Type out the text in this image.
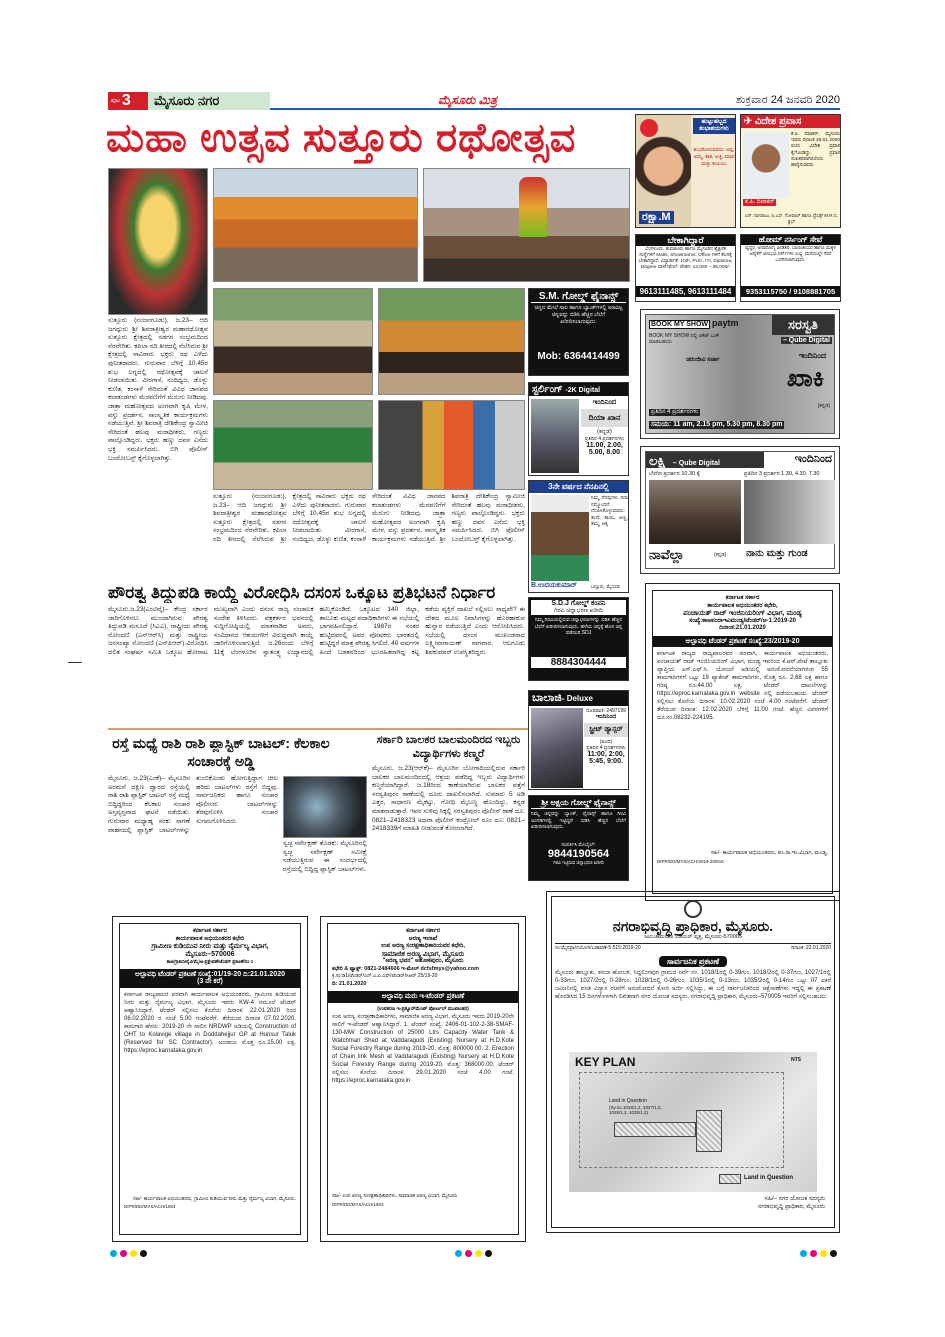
ಪುಟ 3	ಮೈಸೂರು ನಗರ	ಮೈಸೂರು ಮಿತ್ರ	ಶುಕ್ರವಾರ 24 ಜನವರಿ 2020
ಮಹಾ ಉತ್ಸವ ಸುತ್ತೂರು ರಥೋತ್ಸವ
ಸುತ್ತೂರು (ನಂಜನಗೂಡು), ಜ.23– ಆದಿ ಜಗದ್ಗುರು ಶ್ರೀ ಶಿವರಾತ್ರೀಶ್ವರ ಮಹಾರಥೋತ್ಸವ ಸುತ್ತೂರು ಕ್ಷೇತ್ರದಲ್ಲಿ ಸಡಗರ ಸಂಭ್ರಮದಿಂದ ನೆರವೇರಿತು. ಕಪಿಲಾ ನದಿ ತೀರದಲ್ಲಿ ನೆಲೆಸಿರುವ ಶ್ರೀ ಕ್ಷೇತ್ರದಲ್ಲಿ ಸಾವಿರಾರು ಭಕ್ತರು ರಥ ಎಳೆದು ಪುನೀತರಾದರು. ಗುರುವಾರ ಬೆಳಿಗ್ಗೆ 10.45ರ ಶುಭ ಲಗ್ನದಲ್ಲಿ ರಥೋತ್ಸವಕ್ಕೆ ಚಾಲನೆ ನೀಡಲಾಯಿತು. ವೀರಗಾಸೆ, ನಂದಿಧ್ವಜ, ಡೊಳ್ಳು ಕುಣಿತ, ಕಂಸಾಳೆ ಸೇರಿದಂತೆ ವಿವಿಧ ಜಾನಪದ ಕಲಾತಂಡಗಳು ಮೆರವಣಿಗೆಗೆ ಮೆರುಗು ನೀಡಿದವು. ಜಾತ್ರಾ ಮಹೋತ್ಸವದ ಅಂಗವಾಗಿ ಕೃಷಿ ಮೇಳ, ವಸ್ತು ಪ್ರದರ್ಶನ, ಸಾಂಸ್ಕೃತಿಕ ಕಾರ್ಯಕ್ರಮಗಳು ನಡೆಯುತ್ತಿವೆ. ಶ್ರೀ ಶಿವರಾತ್ರಿ ದೇಶಿಕೇಂದ್ರ ಸ್ವಾಮೀಜಿ ಸೇರಿದಂತೆ ಹಲವು ಮಠಾಧೀಶರು, ಗಣ್ಯರು ಪಾಲ್ಗೊಂಡಿದ್ದರು. ಭಕ್ತರು ಹಣ್ಣು ದವನ ಎಸೆದು ಭಕ್ತಿ ಸಮರ್ಪಿಸಿದರು. ಬಿಗಿ ಪೊಲೀಸ್ ಬಂದೋಬಸ್ತ್ ಕೈಗೊಳ್ಳಲಾಗಿತ್ತು.
ಸುತ್ತೂರು (ನಂಜನಗೂಡು), ಜ.23– ಆದಿ ಜಗದ್ಗುರು ಶ್ರೀ ಶಿವರಾತ್ರೀಶ್ವರ ಮಹಾರಥೋತ್ಸವ ಸುತ್ತೂರು ಕ್ಷೇತ್ರದಲ್ಲಿ ಸಡಗರ ಸಂಭ್ರಮದಿಂದ ನೆರವೇರಿತು. ಕಪಿಲಾ ನದಿ ತೀರದಲ್ಲಿ ನೆಲೆಸಿರುವ ಶ್ರೀ ಕ್ಷೇತ್ರದಲ್ಲಿ ಸಾವಿರಾರು ಭಕ್ತರು ರಥ ಎಳೆದು ಪುನೀತರಾದರು. ಗುರುವಾರ ಬೆಳಿಗ್ಗೆ 10.45ರ ಶುಭ ಲಗ್ನದಲ್ಲಿ ರಥೋತ್ಸವಕ್ಕೆ ಚಾಲನೆ ನೀಡಲಾಯಿತು. ವೀರಗಾಸೆ, ನಂದಿಧ್ವಜ, ಡೊಳ್ಳು ಕುಣಿತ, ಕಂಸಾಳೆ ಸೇರಿದಂತೆ ವಿವಿಧ ಜಾನಪದ ಕಲಾತಂಡಗಳು ಮೆರವಣಿಗೆಗೆ ಮೆರುಗು ನೀಡಿದವು. ಜಾತ್ರಾ ಮಹೋತ್ಸವದ ಅಂಗವಾಗಿ ಕೃಷಿ ಮೇಳ, ವಸ್ತು ಪ್ರದರ್ಶನ, ಸಾಂಸ್ಕೃತಿಕ ಕಾರ್ಯಕ್ರಮಗಳು ನಡೆಯುತ್ತಿವೆ. ಶ್ರೀ ಶಿವರಾತ್ರಿ ದೇಶಿಕೇಂದ್ರ ಸ್ವಾಮೀಜಿ ಸೇರಿದಂತೆ ಹಲವು ಮಠಾಧೀಶರು, ಗಣ್ಯರು ಪಾಲ್ಗೊಂಡಿದ್ದರು. ಭಕ್ತರು ಹಣ್ಣು ದವನ ಎಸೆದು ಭಕ್ತಿ ಸಮರ್ಪಿಸಿದರು. ಬಿಗಿ ಪೊಲೀಸ್ ಬಂದೋಬಸ್ತ್ ಕೈಗೊಳ್ಳಲಾಗಿತ್ತು.
ಪೌರತ್ವ ತಿದ್ದುಪಡಿ ಕಾಯ್ದೆ ವಿರೋಧಿಸಿ ದಸಂಸ ಒಕ್ಕೂಟ ಪ್ರತಿಭಟನೆ ನಿರ್ಧಾರ
ಮೈಸೂರು,ಜ.23(ಎಂಟಿವೈ)– ಕೇಂದ್ರ ಸರ್ಕಾರ ಜಾರಿಗೊಳಿಸಲು ಮುಂದಾಗಿರುವ ಪೌರತ್ವ ತಿದ್ದುಪಡಿ ಮಸೂದೆ (ಸಿಎಎ), ರಾಷ್ಟ್ರೀಯ ಪೌರತ್ವ ನೋಂದಣಿ (ಎನ್‌ಆರ್‌ಸಿ) ಮತ್ತು ರಾಷ್ಟ್ರೀಯ ಜನಸಂಖ್ಯಾ ನೋಂದಣಿ (ಎನ್‌ಪಿಆರ್) ವಿರೋಧಿಸಿ ದಲಿತ ಸಂಘರ್ಷ ಸಮಿತಿ ಒಕ್ಕೂಟ ಹೋರಾಟ ಮುಖ್ಯವಾಗಿ ಎಂದು ದಸಂಸ ರಾಜ್ಯ ಸಂಚಾಲಕ ಸಂದೇಶ ತಿಳಿಸಿದರು. ಪತ್ರಕರ್ತರ ಭವನದಲ್ಲಿ ಸುದ್ದಿಗೋಷ್ಠಿಯಲ್ಲಿ ಮಾತನಾಡಿದ ಅವರು, ಸಂವಿಧಾನದ ಆಶಯಗಳಿಗೆ ವಿರುದ್ಧವಾಗಿ ಕಾಯ್ದೆ ಜಾರಿಗೊಳಿಸಲಾಗುತ್ತಿದೆ. ಜ.26ರಂದು ಬೆಳಿಗ್ಗೆ 11ಕ್ಕೆ ಬೆಂಗಳೂರಿನ ಸ್ವಾತಂತ್ರ್ಯ ಉದ್ಯಾನದಲ್ಲಿ ಹಮ್ಮಿಕೊಂಡಿದೆ. ಒಕ್ಕೂಟದ 140 ಜಿಲ್ಲಾ, ತಾಲೂಕು ಮಟ್ಟದ ಪದಾಧಿಕಾರಿಗಳು ಈ ಸಭೆಯಲ್ಲಿ ಭಾಗವಹಿಸಲಿದ್ದಾರೆ. 1987ರ ನಂತರ ಹುಟ್ಟಿದವರಲ್ಲಿ ಅವರ ಪೋಷಕರು ಭಾರತದಲ್ಲಿ ಹುಟ್ಟಿದ್ದರೆ ಮಾತ್ರ ಪೌರತ್ವ ಸಿಗಲಿದೆ. 40 ವರ್ಷಗಳ ಹಿಂದೆ ಬಡತನದಿಂದ ಭೂರಹಿತರಾಗಿದ್ದ ಕಟ್ಟ ಕಡೆಯ ವ್ಯಕ್ತಿಗೆ ದಾಖಲೆ ಸಲ್ಲಿಸಲು ಸಾಧ್ಯವೇ? ಈ ದೇಶದ ಮೂಲ ನಿವಾಸಿಗಳನ್ನು ಹೊರಹಾಕುವ ಹುನ್ನಾರ ನಡೆಯುತ್ತಿದೆ ಎಂದು ಆರೋಪಿಸಿದರು. ಸಭೆಯಲ್ಲಿ ದಸಂಸ ಮುಖಂಡರಾದ ಲಕ್ಷ್ಮೀನಾರಾಯಣ್ ನಾಗವಾರ, ಆಲಗೂಡು ಶಿವಕುಮಾರ್ ಉಪಸ್ಥಿತರಿದ್ದರು.
ರಸ್ತೆ ಮಧ್ಯೆ ರಾಶಿ ರಾಶಿ ಪ್ಲಾಸ್ಟಿಕ್ ಬಾಟಲ್: ಕೆಲಕಾಲ ಸಂಚಾರಕ್ಕೆ ಅಡ್ಡಿ
ಮೈಸೂರು, ಜ.23(ಎಂಕೆ)– ಮೈಸೂರಿನ ಅರಮನೆ ದಕ್ಷಿಣ ದ್ವಾರದ ರಸ್ತೆಯಲ್ಲಿ ರಾಶಿ ರಾಶಿ ಪ್ಲಾಸ್ಟಿಕ್ ಬಾಟಲ್ ರಸ್ತೆ ಮಧ್ಯೆ ಬಿದ್ದಿದ್ದರಿಂದ ಕೆಲಕಾಲ ಸಂಚಾರ ಅಸ್ತವ್ಯಸ್ತವಾದ ಘಟನೆ ನಡೆಯಿತು. ಗುರುವಾರ ಮಧ್ಯಾಹ್ನ ಸರಕು ಸಾಗಣೆ ವಾಹನದಲ್ಲಿ ಪ್ಲಾಸ್ಟಿಕ್ ಬಾಟಲ್‌ಗಳನ್ನು ತುಂಬಿಕೊಂಡು ಹೋಗುತ್ತಿದ್ದಾಗ ಚೀಲ ಹರಿದು ಬಾಟಲ್‌ಗಳು ರಸ್ತೆಗೆ ಬಿದ್ದವು. ಸಾರ್ವಜನಿಕರು ಹಾಗೂ ಸಂಚಾರ ಪೊಲೀಸರು ಬಾಟಲ್‌ಗಳನ್ನು ತೆರವುಗೊಳಿಸಿ ಸಂಚಾರ ಸುಗಮಗೊಳಿಸಿದರು.
ಸ್ವಚ್ಛ ಸರ್ವೇಕ್ಷಣ್ ತೊಡಕು: ಮೈಸೂರಿನಲ್ಲಿ ಸ್ವಚ್ಛ ಸರ್ವೇಕ್ಷಣ್ ಸಮೀಕ್ಷೆ ನಡೆಯುತ್ತಿರುವ ಈ ಸಂದರ್ಭದಲ್ಲಿ ರಸ್ತೆಯಲ್ಲಿ ಬಿದ್ದಿದ್ದ ಪ್ಲಾಸ್ಟಿಕ್ ಬಾಟಲ್‌ಗಳು.
ಸರ್ಕಾರಿ ಬಾಲಕರ ಬಾಲಮಂದಿರದ ಇಬ್ಬರು ವಿದ್ಯಾರ್ಥಿಗಳು ಕಣ್ಮರೆ
ಮೈಸೂರು, ಜ.23(ಆರ್‌ಕೆ)– ಮೈಸೂರಿನ ಬೋಗಾದಿಯಲ್ಲಿರುವ ಸರ್ಕಾರಿ ಬಾಲಕರ ಬಾಲಮಂದಿರದಲ್ಲಿ ಆಶ್ರಯ ಪಡೆದಿದ್ದ ಇಬ್ಬರು ವಿದ್ಯಾರ್ಥಿಗಳು ಕಣ್ಮರೆಯಾಗಿದ್ದಾರೆ. ಜ.18ರಿಂದ ಕಾಣೆಯಾಗಿರುವ ಬಾಲಕರ ಪತ್ತೆಗೆ ಸರಸ್ವತಿಪುರಂ ಠಾಣೆಯಲ್ಲಿ ದೂರು ದಾಖಲಿಸಲಾಗಿದೆ. ಸುಮಾರು 5 ಅಡಿ ಎತ್ತರ, ಸಾಧಾರಣ ಮೈಕಟ್ಟು, ಗೋಧಿ ಮೈಬಣ್ಣ ಹೊಂದಿದ್ದು, ಕನ್ನಡ ಮಾತನಾಡುತ್ತಾರೆ. ಇವರ ಸುಳಿವು ಸಿಕ್ಕಲ್ಲಿ ಸರಸ್ವತಿಪುರಂ ಪೊಲೀಸ್ ಠಾಣೆ ದೂ: 0821–2418323 ಅಥವಾ ಪೊಲೀಸ್ ಕಂಟ್ರೋಲ್ ರೂಂ ದೂ: 0821–2418339ಗೆ ಮಾಹಿತಿ ನೀಡುವಂತೆ ಕೋರಲಾಗಿದೆ.
S.M. ಗೋಲ್ಡ್ ಫೈನಾನ್ಸ್
ಚಿನ್ನದ ಮೇಲೆ ಸಾಲ ಹಾಗೂ ಬ್ಯಾಂಕ್‌ಗಳಲ್ಲಿ ಅಡವಿಟ್ಟ ಚಿನ್ನವನ್ನು ಬಿಡಿಸಿ ಹೆಚ್ಚಿನ ಬೆಲೆಗೆ ಖರೀದಿಸಲಾಗುವುದು.
Mob: 6364414499
ಸ್ಟರ್ಲಿಂಗ್ -2K Digital
ಇಂದಿನಿಂದ
ದಿಯಾ ಖಾನ
(ಕನ್ನಡ)
ಪ್ರತಿದಿನ 4 ಪ್ರದರ್ಶನಗಳು
11.00, 2.00, 5.00, 8.00
3ನೇ ವರ್ಷದ ನೆನಪಿನಲ್ಲಿ
ನಿಮ್ಮ ನೆನಪುಗಳು ಸದಾ ನಮ್ಮೊಂದಿಗೆ. ನೆನಪಿಸಿಕೊಳ್ಳುವವರು: ತಂದೆ, ತಾಯಿ, ಅಣ್ಣ, ತಮ್ಮ, ಅಕ್ಕ
B.ಉದಯಕುಮಾರ್	ಬನ್ನೂರು, ಮೈಸೂರು
S.D.J ಗೋಲ್ಡ್ ಕಂಪನಿ
ಗಿರವಿ ಚಿನ್ನಾಭರಣ ಖರೀದಿ
ನಿಮ್ಮ ಗಿರವಿಯಲ್ಲಿರುವ ಚಿನ್ನಾಭರಣಗಳನ್ನು ಬಿಡಿಸಿ ಹೆಚ್ಚಿನ ಬೆಲೆಗೆ ಖರೀದಿಸಲಾಗುವುದು. ಹಳೆಯ ಚಿನ್ನಕ್ಕೆ ಹೊಸ ಚಿನ್ನ ಪಡೆಯಿರಿ SDJ
8884304444
ಬಾಲಾಜಿ- Deluxe
ದೂರವಾಣಿ: 2497199
ಇಂದಿನಿಂದ
ಸ್ಟ್ರೀಟ್ ಡ್ಯಾನ್ಸರ್
(ಹಿಂದಿ)
ಪ್ರತಿದಿನ 4 ಪ್ರದರ್ಶನಗಳು
11:00, 2:00, 5:45, 9:00.
ಶ್ರೀ ಅಕ್ಷಯ ಗೋಲ್ಡ್ ಫೈನಾನ್ಸ್
ನಿಮ್ಮ ಚಿನ್ನವನ್ನು ಬ್ಯಾಂಕ್, ಫೈನಾನ್ಸ್ ಹಾಗೂ ಗಿರವಿ ಅಂಗಡಿಗಳಲ್ಲಿ ಇಟ್ಟಿದ್ದರೆ ಬಿಡಿಸಿ ಹೆಚ್ಚಿನ ಬೆಲೆಗೆ ಖರೀದಿಸಲಾಗುವುದು.
ಸಂಪರ್ಕಿಸಿ ಮೊಬೈಲ್:
9844190564
ಗಿರವಿ ಇಟ್ಟಿರುವ ಚಿನ್ನಾಭರಣ ಖರೀದಿ
ಹುಟ್ಟುಹಬ್ಬದ ಶುಭಾಶಯಗಳು
ಶುಭಕೋರುವವರು: ಅಪ್ಪ, ಅಮ್ಮ, ತಾತ, ಅಜ್ಜಿ, ಮಾವ ಮತ್ತು ಕುಟುಂಬ
ರಕ್ಷಾ.M
✈ ವಿದೇಶ ಪ್ರವಾಸ
ಕೆ.ಪಿ. ದಿವಾಕರ್, ಮೈಸೂರು ಇವರು ದಿನಾಂಕ 25.01.2020 ರಂದು ವಿದೇಶ ಪ್ರವಾಸ ಕೈಗೊಂಡಿದ್ದು ಪ್ರವಾಸ ಸುಖಕರವಾಗಿರಲೆಂದು ಹಾರೈಸುವವರು
ಕೆ.ಪಿ. ದಿವಾಕರ್
ಎನ್. ನಾಗರಾಜು, ಪಿ.ಎಸ್. ಗೋಪಾಲ್ ಹಾಗೂ ಫ್ರೆಂಡ್ಸ್ M.R.C. ಕ್ಲಬ್
ಬೇಕಾಗಿದ್ದಾರೆ
ಬೆಂಗಳೂರು, ತುಮಕೂರು ಹಾಗೂ ಮೈಸೂರಿನ ಶೈಕ್ಷಣಿಕ ಸಂಸ್ಥೆಗಳಿಗೆ Malls, Showrooms, Office ಗಳಿಗೆ ಕೆಲಸಕ್ಕೆ ಬೇಕಾಗಿದ್ದಾರೆ. ವಿದ್ಯಾರ್ಹತೆ: 10th, PUC, ITI, Diploma, Degree ಪಾಸ್/ಫೇಲ್. ವೇತನ: 13,000 – 35,000/-
9613111485, 9613111484
ಹೋಮ್ ನರ್ಸಿಂಗ್ ಸೇವೆ
ವೃದ್ಧರ, ಅನಾರೋಗ್ಯ ಪೀಡಿತರ, ಬಾಣಂತಿಯರ ಹಾಗೂ ಮಕ್ಕಳ ಆರೈಕೆಗೆ ಅನುಭವಿ ನರ್ಸ್‌ಗಳು ಲಭ್ಯ. ಮನೆಯಲ್ಲೇ ಸೇವೆ ಒದಗಿಸಲಾಗುವುದು.
9353115750 / 9108881705
BOOK MY SHOW paytm
BOOK MY SHOW ನಲ್ಲಿ ಟಿಕೆಟ್ ಬುಕ್ ಮಾಡಬಹುದು
ಚಿರಂಜೀವಿ ಸರ್ಜಾ
ಸರಸ್ವತಿ
– Qube Digital
ಇಂದಿನಿಂದ
ಖಾಕಿ
(ಕನ್ನಡ)
ಪ್ರತಿದಿನ 4 ಪ್ರದರ್ಶನಗಳು
ಸಮಯ: 11 am, 2.15 pm, 5.30 pm, 8.30 pm
ಲಕ್ಷ್ಮಿ – Qube Digital	ಇಂದಿನಿಂದ
ಬೆಳಗಿನ ಪ್ರದರ್ಶನ 10.30 ಕ್ಕೆ	ಪ್ರತಿದಿನ 3 ಪ್ರದರ್ಶನ 1.30, 4.30, 7.30
ನಾವೆಲ್ಲಾ	(ಕನ್ನಡ) ನಾನು ಮತ್ತು ಗುಂಡ
ಕರ್ನಾಟಕ ಸರ್ಕಾರ
ಕಾರ್ಯಪಾಲಕ ಅಭಿಯಂತರರ ಕಛೇರಿ,
ಪಂಚಾಯತ್ ರಾಜ್ ಇಂಜಿನಿಯರಿಂಗ್ ವಿಭಾಗ, ಮಂಡ್ಯ
ಸಂಖ್ಯೆ:ಕಾಅಪಂರಾಇವಿಮಂಡ್ಯ/ಟೆಂಡರ್/ಅ-1:2019-20
ದಿನಾಂಕ:21.01.2020
ಅಲ್ಪಾವಧಿ ಟೆಂಡರ್ ಪ್ರಕಟಣೆ ಸಂಖ್ಯೆ:23/2019-20
ಕರ್ನಾಟಕ ರಾಜ್ಯದ ರಾಜ್ಯಪಾಲರವರ ಪರವಾಗಿ, ಕಾರ್ಯಪಾಲಕ ಅಭಿಯಂತರರು, ಪಂಚಾಯತ್ ರಾಜ್ ಇಂಜಿನಿಯರಿಂಗ್ ವಿಭಾಗ, ಮಂಡ್ಯ ಇವರಿಂದ ಕೆ.ಆರ್.ಪೇಟೆ ತಾಲ್ಲೂಕು ವ್ಯಾಪ್ತಿಯ ಎಸ್.ಎಫ್.ಸಿ. ಯೋಜನೆ ಅಡಿಯಲ್ಲಿ ಅನುಮೋದನೆಯಾಗಿರುವ 55 ಕಾಮಗಾರಿಗಳಿಗೆ ಒಟ್ಟು 19 ಪ್ಯಾಕೇಜ್ ಕಾಮಗಾರಿಗಳು, ಮೊತ್ತ ರೂ. 2.68 ಲಕ್ಷ ಹಾಗೂ ಗರಿಷ್ಠ ರೂ.44.00 ಲಕ್ಷ. ಟೆಂಡರ್ ದಾಖಲೆಗಳನ್ನು https://eproc.karnataka.gov.in website ನಲ್ಲಿ ಪಡೆಯಬಹುದು. ಟೆಂಡರ್ ಸಲ್ಲಿಸಲು ಕೊನೆಯ ದಿನಾಂಕ: 10.02.2020 ಸಂಜೆ 4.00 ಗಂಟೆವರೆಗೆ. ಟೆಂಡರ್ ತೆರೆಯುವ ದಿನಾಂಕ: 12.02.2020 ಬೆಳಿಗ್ಗೆ 11.00 ಗಂಟೆ. ಹೆಚ್ಚಿನ ವಿವರಗಳಿಗೆ ದೂ.ಸಂ.08232-224195.
ಸಹಿ/- ಕಾರ್ಯಪಾಲಕ ಅಭಿಯಂತರರು, ಪಂ.ರಾ.ಇಂ.ವಿಭಾಗ, ಮಂಡ್ಯ.
DIPR/DD/MYS/ACH/2019-20/815
ಕರ್ನಾಟಕ ಸರ್ಕಾರ
ಕಾರ್ಯಪಾಲಕ ಅಭಿಯಂತರರ ಕಛೇರಿ
ಗ್ರಾಮೀಣ ಕುಡಿಯುವ ನೀರು ಮತ್ತು ನೈರ್ಮಲ್ಯ ವಿಭಾಗ,
ಮೈಸೂರು–570006
ಕಾಅ/ಗ್ರಾಕುನೀನೈವಿ/ಮೈ/ಅ-ಪ್ರಕ್ಷೇಪಣೆ/ಟೆಂಡರ್ ಪ್ರಕಟಣೆ/ಸಂ-1
ಅಲ್ಪಾವಧಿ ಟೆಂಡರ್ ಪ್ರಕಟಣೆ ಸಂಖ್ಯೆ:01/19-20 ದಿ:21.01.2020
(3 ನೇ ಕರೆ)
ಕರ್ನಾಟಕ ರಾಜ್ಯಪಾಲರ ಪರವಾಗಿ ಕಾರ್ಯಪಾಲಕ ಅಭಿಯಂತರರು, ಗ್ರಾಮೀಣ ಕುಡಿಯುವ ನೀರು ಮತ್ತು ನೈರ್ಮಲ್ಯ ವಿಭಾಗ, ಮೈಸೂರು ಇವರು KW-4 ನಮೂನೆ ಟೆಂಡರ್ ಆಹ್ವಾನಿಸಿದ್ದಾರೆ. ಟೆಂಡರ್ ಸಲ್ಲಿಸಲು ಕೊನೆಯ ದಿನಾಂಕ: 22.01.2020 ರಿಂದ 06.02.2020 ರ ಸಂಜೆ 5.00 ಗಂಟೆವರೆಗೆ. ತೆರೆಯುವ ದಿನಾಂಕ 07.02.2020. ಕಾಮಗಾರಿ ಹೆಸರು: 2019-20 ನೇ ಸಾಲಿನ NRDWP ಅಡಿಯಲ್ಲಿ Construction of OHT to Kolavige village in Doddahejjur GP at Hunsur Taluk (Reserved for SC Contractor). ಅಂದಾಜು ಮೊತ್ತ ರೂ.15.00 ಲಕ್ಷ. https://eproc.karnataka.gov.in
ಸಹಿ/- ಕಾರ್ಯಪಾಲಕ ಅಭಿಯಂತರರು, ಗ್ರಾಮೀಣ ಕುಡಿಯುವ ನೀರು ಮತ್ತು ನೈರ್ಮಲ್ಯ ವಿಭಾಗ, ಮೈಸೂರು.
DIPR/DD/MYS/ACH/1604
ಕರ್ನಾಟಕ ಸರ್ಕಾರ
ಅರಣ್ಯ ಇಲಾಖೆ
ಉಪ ಅರಣ್ಯ ಸಂರಕ್ಷಣಾಧಿಕಾರಿಯವರ ಕಛೇರಿ,
ಸಾಮಾಜಿಕ ಅರಣ್ಯ ವಿಭಾಗ, ಮೈಸೂರು
"ಅರಣ್ಯ ಭವನ" ಅಶೋಕಪುರಂ, ಮೈಸೂರು
ಕಛೇರಿ & ಫ್ಯಾಕ್ಸ್: 0821-2484606 ಇ-ಮೇಲ್ dcfsfmys@yahoo.com
ಕ್ರ.ಸಂ:ಡಿ1/ಟೆಂಡರ್/ಎನ್.ಎ.ಪಿ.ಎಫ್/ಟೆಂಡರ್/ಸಿಆರ್ 25/19-20
ದಿ: 21.01.2020
ಅಲ್ಪಾವಧಿ ಮರು ಇ-ಟೆಂಡರ್ ಪ್ರಕಟಣೆ
(ಉಪಕರಣ ಇ-ಪ್ರಕ್ಯೂರ್‌ಮೆಂಟ್ ಪೋರ್ಟಲ್ ಮುಖಾಂತರ)
ಉಪ ಅರಣ್ಯ ಸಂರಕ್ಷಣಾಧಿಕಾರಿಗಳು, ಸಾಮಾಜಿಕ ಅರಣ್ಯ ವಿಭಾಗ, ಮೈಸೂರು ಇವರು 2019-20ನೇ ಸಾಲಿಗೆ ಇ-ಟೆಂಡರ್ ಆಹ್ವಾನಿಸಿದ್ದಾರೆ. 1. ಟೆಂಡರ್ ಸಂಖ್ಯೆ: 2406-01-102-2-38-SMAF-130-MW Construction of 25000 Ltrs Capacity Water Tank & Watchman Shed at Vaddaragudi (Existing) Nursery at H.D.Kote Social Forestry Range during 2019-20. ಮೊತ್ತ: 800000.00. 2. Erection of Chain link Mesh at Vaddaragudi (Existing) Nursery at H.D.Kote Social Forestry Range during 2019-20. ಮೊತ್ತ: 368000.00. ಟೆಂಡರ್ ಸಲ್ಲಿಸಲು ಕೊನೆಯ ದಿನಾಂಕ: 29.01.2020 ಸಂಜೆ 4.00 ಗಂಟೆ. https://eproc.karnataka.gov.in
ಸಹಿ/- ಉಪ ಅರಣ್ಯ ಸಂರಕ್ಷಣಾಧಿಕಾರಿಗಳು, ಸಾಮಾಜಿಕ ಅರಣ್ಯ ವಿಭಾಗ, ಮೈಸೂರು
DIPR/DD/MYS/ACH/1603
ನಗರಾಭಿವೃದ್ಧಿ ಪ್ರಾಧಿಕಾರ, ಮೈಸೂರು.
ಜಯಚಾಮರಾಜ ಒಡೆಯರ್ ವೃತ್ತ, ಮೈಸೂರು-570005
ಸಂ:ಮೈನಪ್ರಾ/ನಯೋಸ/ಬಡಾವಣೆ-5:515:2019-20	ದಿನಾಂಕ: 22.01.2020
ಸಾರ್ವಜನಿಕ ಪ್ರಕಟಣೆ
ಮೈಸೂರು ತಾಲ್ಲೂಕು, ಕಸಬಾ ಹೋಬಳಿ, ಸಿದ್ದಲಿಂಗಪುರ ಗ್ರಾಮದ ಸರ್ವೆ ನಂ. 1018/1ರಲ್ಲಿ 0-39ಗುಂ, 1018/2ರಲ್ಲಿ 0-37ಗುಂ, 1027/1ರಲ್ಲಿ 0-33ಗುಂ, 1027/2ರಲ್ಲಿ 0-28ಗುಂ, 1028/1ರಲ್ಲಿ 0-26ಗುಂ, 1035/1ರಲ್ಲಿ 0-13ಗುಂ, 1035/2ರಲ್ಲಿ 0-14ಗುಂ ಒಟ್ಟು 07 ಎಕರೆ ಜಮೀನಿನಲ್ಲಿ ವಸತಿ ವಿನ್ಯಾಸ ರಚನೆಗೆ ಅನುಮೋದನೆ ಕೋರಿ ಅರ್ಜಿ ಸಲ್ಲಿಸಿದ್ದು, ಈ ಬಗ್ಗೆ ಸಾರ್ವಜನಿಕರಿಂದ ಆಕ್ಷೇಪಣೆಗಳು ಇದ್ದಲ್ಲಿ ಈ ಪ್ರಕಟಣೆ ಹೊರಡಿಸಿದ 15 ದಿನಗಳೊಳಗಾಗಿ ಲಿಖಿತವಾಗಿ ನಗರ ಯೋಜಕ ಸದಸ್ಯರು, ನಗರಾಭಿವೃದ್ಧಿ ಪ್ರಾಧಿಕಾರ, ಮೈಸೂರು–570005 ಇವರಿಗೆ ಸಲ್ಲಿಸಬಹುದು.
KEY PLAN	NTS
Land in Question
(Sy.no.1018/1,2, 1027/1,2, 1028/1,2, 1035/1,2)
Land in Question
ಸಹಿ/– ನಗರ ಯೋಜಕ ಸದಸ್ಯರು
ನಗರಾಭಿವೃದ್ಧಿ ಪ್ರಾಧಿಕಾರ, ಮೈಸೂರು
